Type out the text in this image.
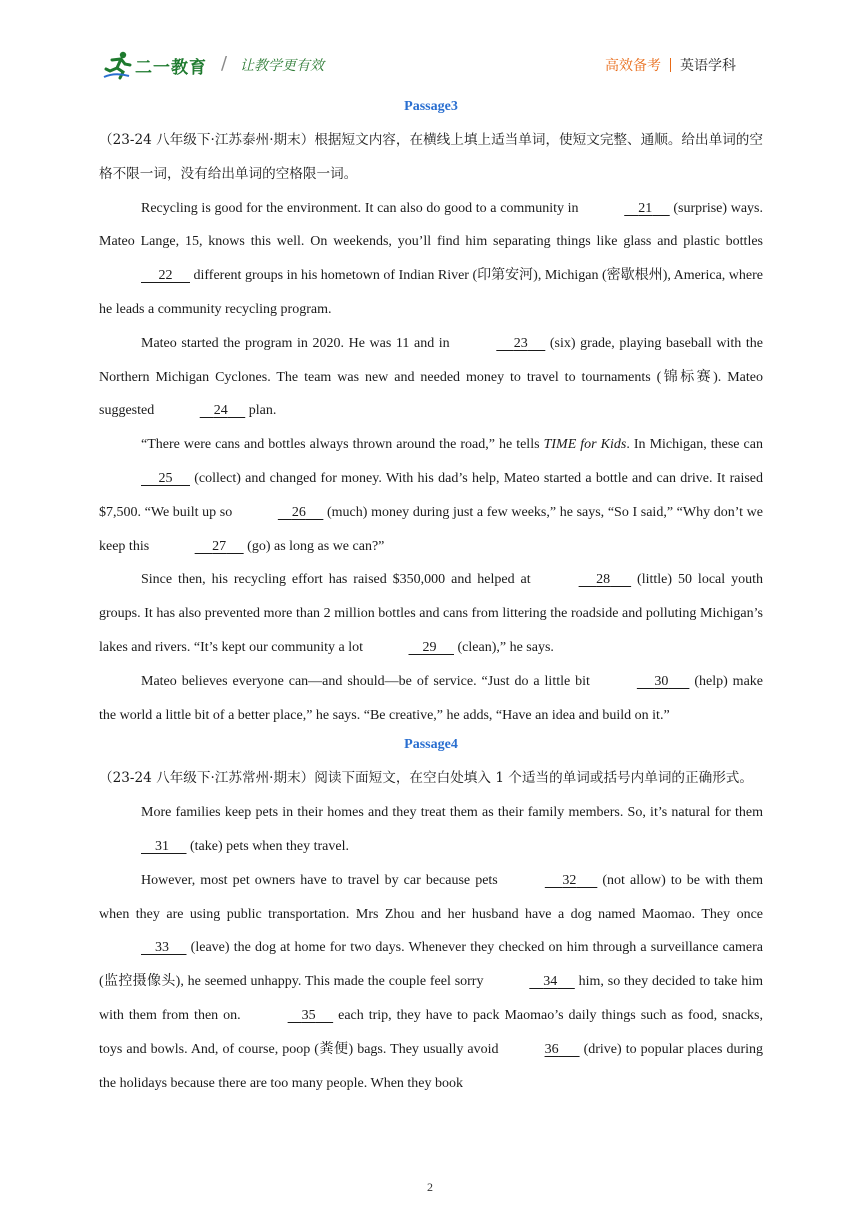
二一教育 / 让教学更有效	高效备考 英语学科
Passage3

（23-24 八年级下·江苏泰州·期末）根据短文内容，在横线上填上适当单词，使短文完整、通顺。给出单词的空格不限一词，没有给出单词的空格限一词。

Recycling is good for the environment. It can also do good to a community in	21      (surprise) ways. Mateo Lange, 15, knows this well. On weekends, you’ll find him separating things like glass and plastic bottles      22      different groups in his hometown of Indian River (印第安河), Michigan (密歇根州), America, where he leads a community recycling program.

Mateo started the program in 2020. He was 11 and in	23      (six) grade, playing baseball with the Northern Michigan Cyclones. The team was new and needed money to travel to tournaments (锦标赛). Mateo suggested	24      plan.

“There were cans and bottles always thrown around the road,” he tells TIME for Kids. In Michigan, these can      25      (collect) and changed for money. With his dad’s help, Mateo started a bottle and can drive. It raised $7,500. “We built up so	26      (much) money during just a few weeks,” he says, “So I said,” “Why don’t we keep this	27      (go) as long as we can?”

Since then, his recycling effort has raised $350,000 and helped at	28       (little) 50 local youth groups. It has also prevented more than 2 million bottles and cans from littering the roadside and polluting Michigan’s lakes and rivers. “It’s kept our community a lot	29      (clean),” he says.

Mateo believes everyone can—and should—be of service. “Just do a little bit	30       (help) make the world a little bit of a better place,” he says. “Be creative,” he adds, “Have an idea and build on it.”

Passage4

（23-24 八年级下·江苏常州·期末）阅读下面短文，在空白处填入 1 个适当的单词或括号内单词的正确形式。

More families keep pets in their homes and they treat them as their family members. So, it’s natural for them     31      (take) pets when they travel.

However, most pet owners have to travel by car because pets	32       (not allow) to be with them when they are using public transportation. Mrs Zhou and her husband have a dog named Maomao. They once     33      (leave) the dog at home for two days. Whenever they checked on him through a surveillance camera (监控摄像头), he seemed unhappy. This made the couple feel sorry	34      him, so they decided to take him with them from then on.	35      each trip, they have to pack Maomao’s daily things such as food, snacks, toys and bowls. And, of course, poop (粪便) bags. They usually avoid	36       (drive) to popular places during the holidays because there are too many people. When they book

2
